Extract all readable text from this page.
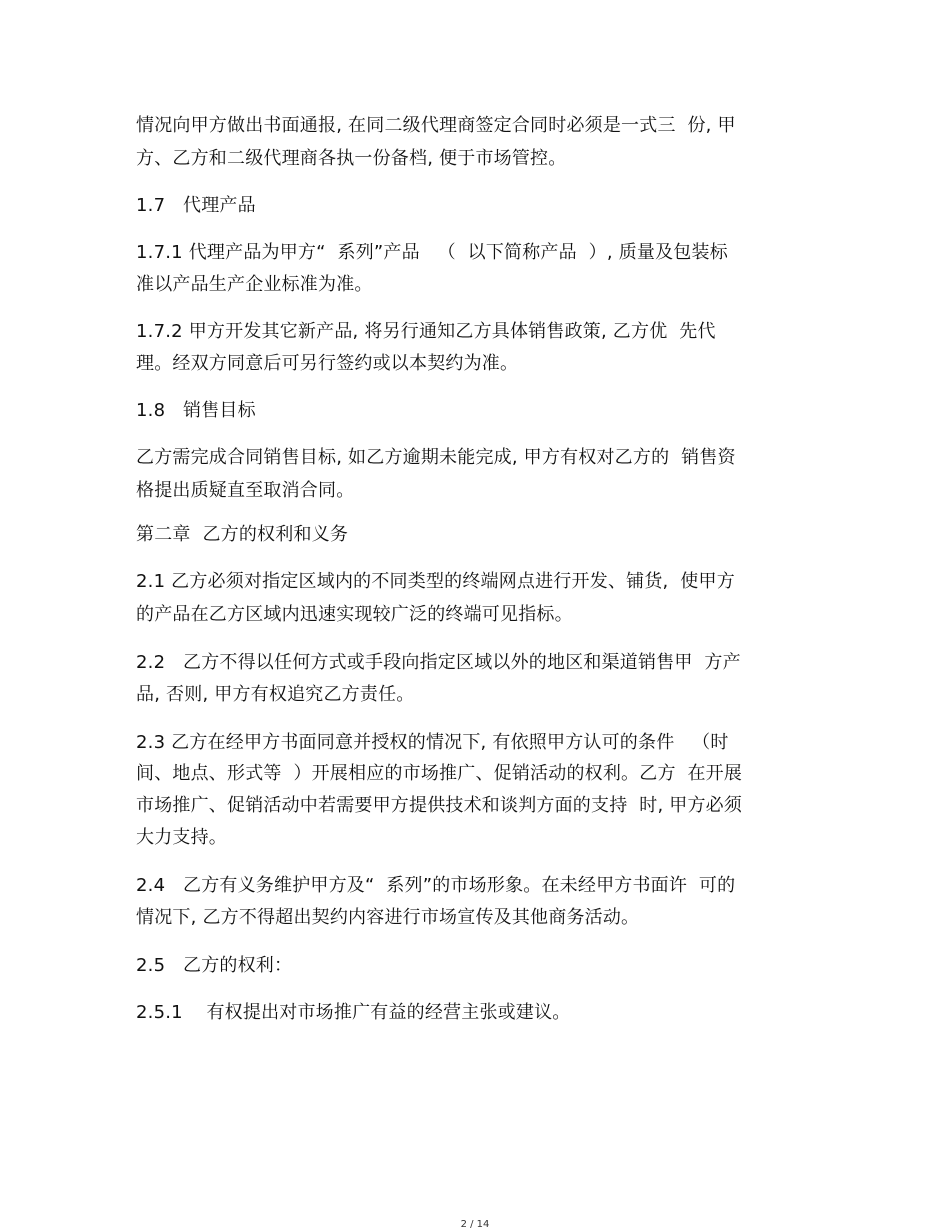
情况向甲方做出书面通报, 在同二级代理商签定合同时必须是一式三  份, 甲
方、乙方和二级代理商各执一份备档, 便于市场管控。
1.7   代理产品
1.7.1 代理产品为甲方“  系列”产品   （  以下简称产品  ）, 质量及包装标
准以产品生产企业标准为准。
1.7.2 甲方开发其它新产品, 将另行通知乙方具体销售政策, 乙方优  先代
理。经双方同意后可另行签约或以本契约为准。
1.8   销售目标
乙方需完成合同销售目标, 如乙方逾期未能完成, 甲方有权对乙方的  销售资
格提出质疑直至取消合同。
第二章  乙方的权利和义务
2.1 乙方必须对指定区域内的不同类型的终端网点进行开发、铺货,  使甲方
的产品在乙方区域内迅速实现较广泛的终端可见指标。
2.2   乙方不得以任何方式或手段向指定区域以外的地区和渠道销售甲  方产
品, 否则, 甲方有权追究乙方责任。
2.3 乙方在经甲方书面同意并授权的情况下, 有依照甲方认可的条件   （时
间、地点、形式等  ）开展相应的市场推广、促销活动的权利。乙方  在开展
市场推广、促销活动中若需要甲方提供技术和谈判方面的支持  时, 甲方必须
大力支持。
2.4   乙方有义务维护甲方及“  系列”的市场形象。在未经甲方书面许  可的
情况下, 乙方不得超出契约内容进行市场宣传及其他商务活动。
2.5   乙方的权利：
2.5.1    有权提出对市场推广有益的经营主张或建议。
2 / 14
